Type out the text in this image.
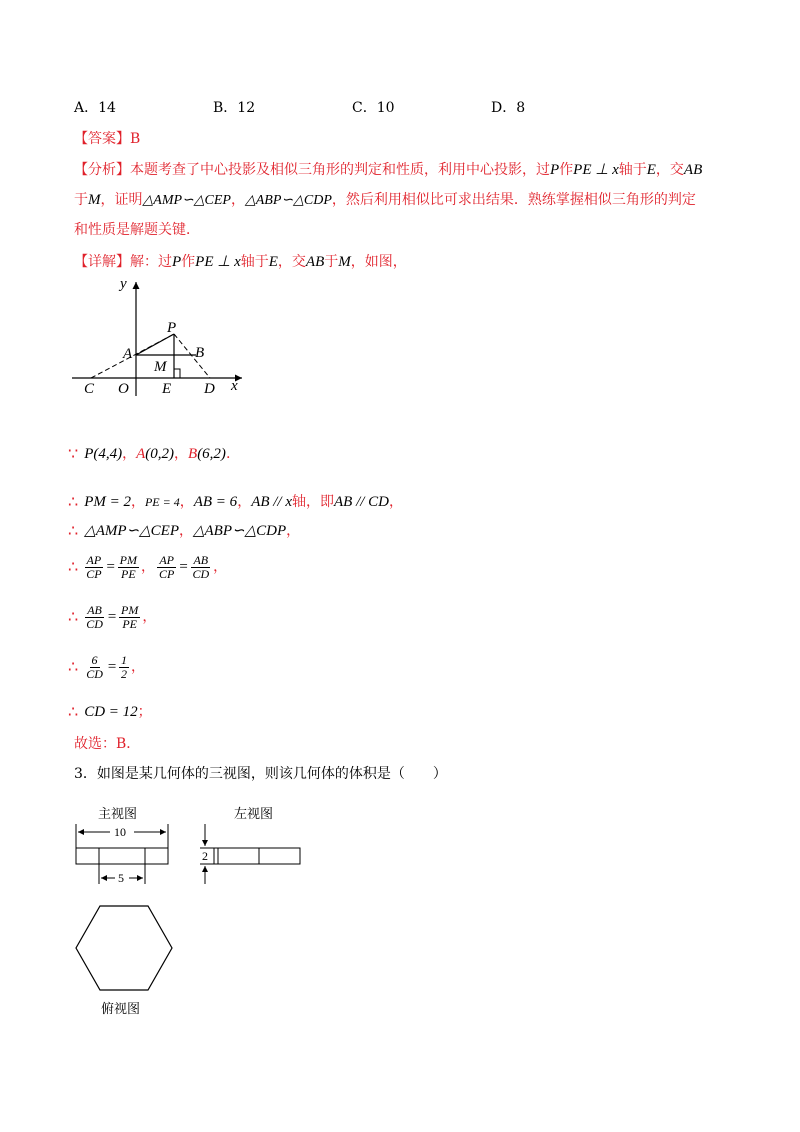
A．14	B．12	C．10	D．8
【答案】B
【分析】本题考查了中心投影及相似三角形的判定和性质，利用中心投影，过P作PE ⊥ x轴于E，交AB
于M，证明△AMP∽△CEP，△ABP∽△CDP，然后利用相似比可求出结果．熟练掌握相似三角形的判定
和性质是解题关键．
【详解】解：过P作PE ⊥ x轴于E，交AB于M，如图，
y
x
P
A	B
M
C O E D
∵ P(4,4) ， A (0,2) ， B (6,2) .
∴ PM = 2 ， PE = 4 ， AB = 6 ， AB // x 轴，即 AB // CD ，
∴ △AMP∽△CEP ， △ABP∽△CDP ，
∴ $\frac{AP}{CP} = \frac{PM}{PE}$ ， $\frac{AP}{CP} = \frac{AB}{CD}$ ，
∴ $\frac{AB}{CD} = \frac{PM}{PE}$ ，
∴ $\frac{6}{CD} = \frac{1}{2}$ ，
∴ CD = 12 ；
故选：B．
3．如图是某几何体的三视图，则该几何体的体积是（　　）
主视图
10
5
左视图
2
俯视图
